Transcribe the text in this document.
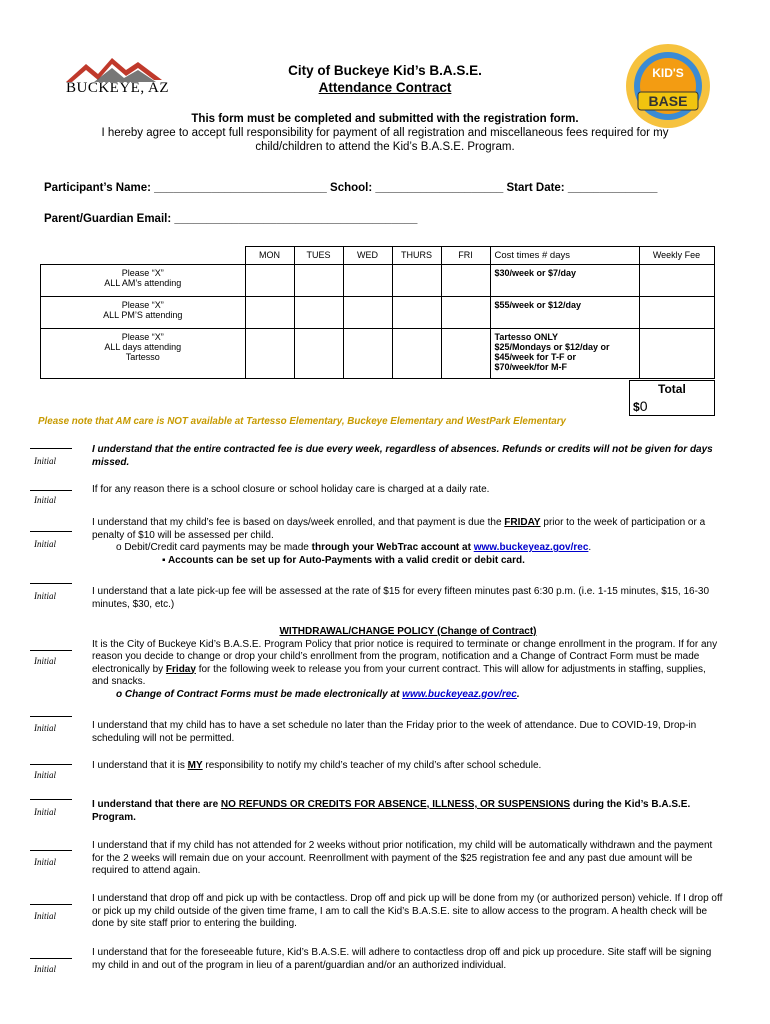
BUCKEYE, AZ
City of Buckeye Kid’s B.A.S.E.
Attendance Contract
KID'S
BASE
This form must be completed and submitted with the registration form.
I hereby agree to accept full responsibility for payment of all registration and miscellaneous fees required for my
child/children to attend the Kid’s B.A.S.E. Program.
Participant’s Name: ___________________________ School: ____________________ Start Date: ______________
Parent/Guardian Email: ______________________________________
	MON	TUES	WED	THURS	FRI	Cost times # days	Weekly Fee
Please “X”
ALL AM’s attending						$30/week or $7/day	
Please “X”
ALL PM’S attending						$55/week or $12/day	
Please “X”
ALL days attending
Tartesso						Tartesso ONLY
$25/Mondays or $12/day or
$45/week for T-F or
$70/week/for M-F	
Total
$0
Please note that AM care is NOT available at Tartesso Elementary, Buckeye Elementary and WestPark Elementary
Initial
Initial
Initial
Initial
Initial
Initial
Initial
Initial
Initial
Initial
Initial
I understand that the entire contracted fee is due every week, regardless of absences. Refunds or credits will not be given for days missed.
If for any reason there is a school closure or school holiday care is charged at a daily rate.
I understand that my child’s fee is based on days/week enrolled, and that payment is due the FRIDAY prior to the week of participation or a penalty of $10 will be assessed per child.
o Debit/Credit card payments may be made through your WebTrac account at www.buckeyeaz.gov/rec.
▪ Accounts can be set up for Auto-Payments with a valid credit or debit card.
I understand that a late pick-up fee will be assessed at the rate of $15 for every fifteen minutes past 6:30 p.m. (i.e. 1-15 minutes, $15, 16-30 minutes, $30, etc.)
WITHDRAWAL/CHANGE POLICY (Change of Contract)
It is the City of Buckeye Kid’s B.A.S.E. Program Policy that prior notice is required to terminate or change enrollment in the program. If for any reason you decide to change or drop your child’s enrollment from the program, notification and a Change of Contract Form must be made electronically by Friday for the following week to release you from your current contract. This will allow for adjustments in staffing, supplies, and snacks.
o Change of Contract Forms must be made electronically at www.buckeyeaz.gov/rec.
I understand that my child has to have a set schedule no later than the Friday prior to the week of attendance. Due to COVID-19, Drop-in scheduling will not be permitted.
I understand that it is MY responsibility to notify my child’s teacher of my child’s after school schedule.
I understand that there are NO REFUNDS OR CREDITS FOR ABSENCE, ILLNESS, OR SUSPENSIONS during the Kid’s B.A.S.E. Program.
I understand that if my child has not attended for 2 weeks without prior notification, my child will be automatically withdrawn and the payment for the 2 weeks will remain due on your account. Reenrollment with payment of the $25 registration fee and any past due amount will be required to attend again.
I understand that drop off and pick up with be contactless. Drop off and pick up will be done from my (or authorized person) vehicle. If I drop off or pick up my child outside of the given time frame, I am to call the Kid’s B.A.S.E. site to allow access to the program. A health check will be done by site staff prior to entering the building.
I understand that for the foreseeable future, Kid’s B.A.S.E. will adhere to contactless drop off and pick up procedure. Site staff will be signing my child in and out of the program in lieu of a parent/guardian and/or an authorized individual.
